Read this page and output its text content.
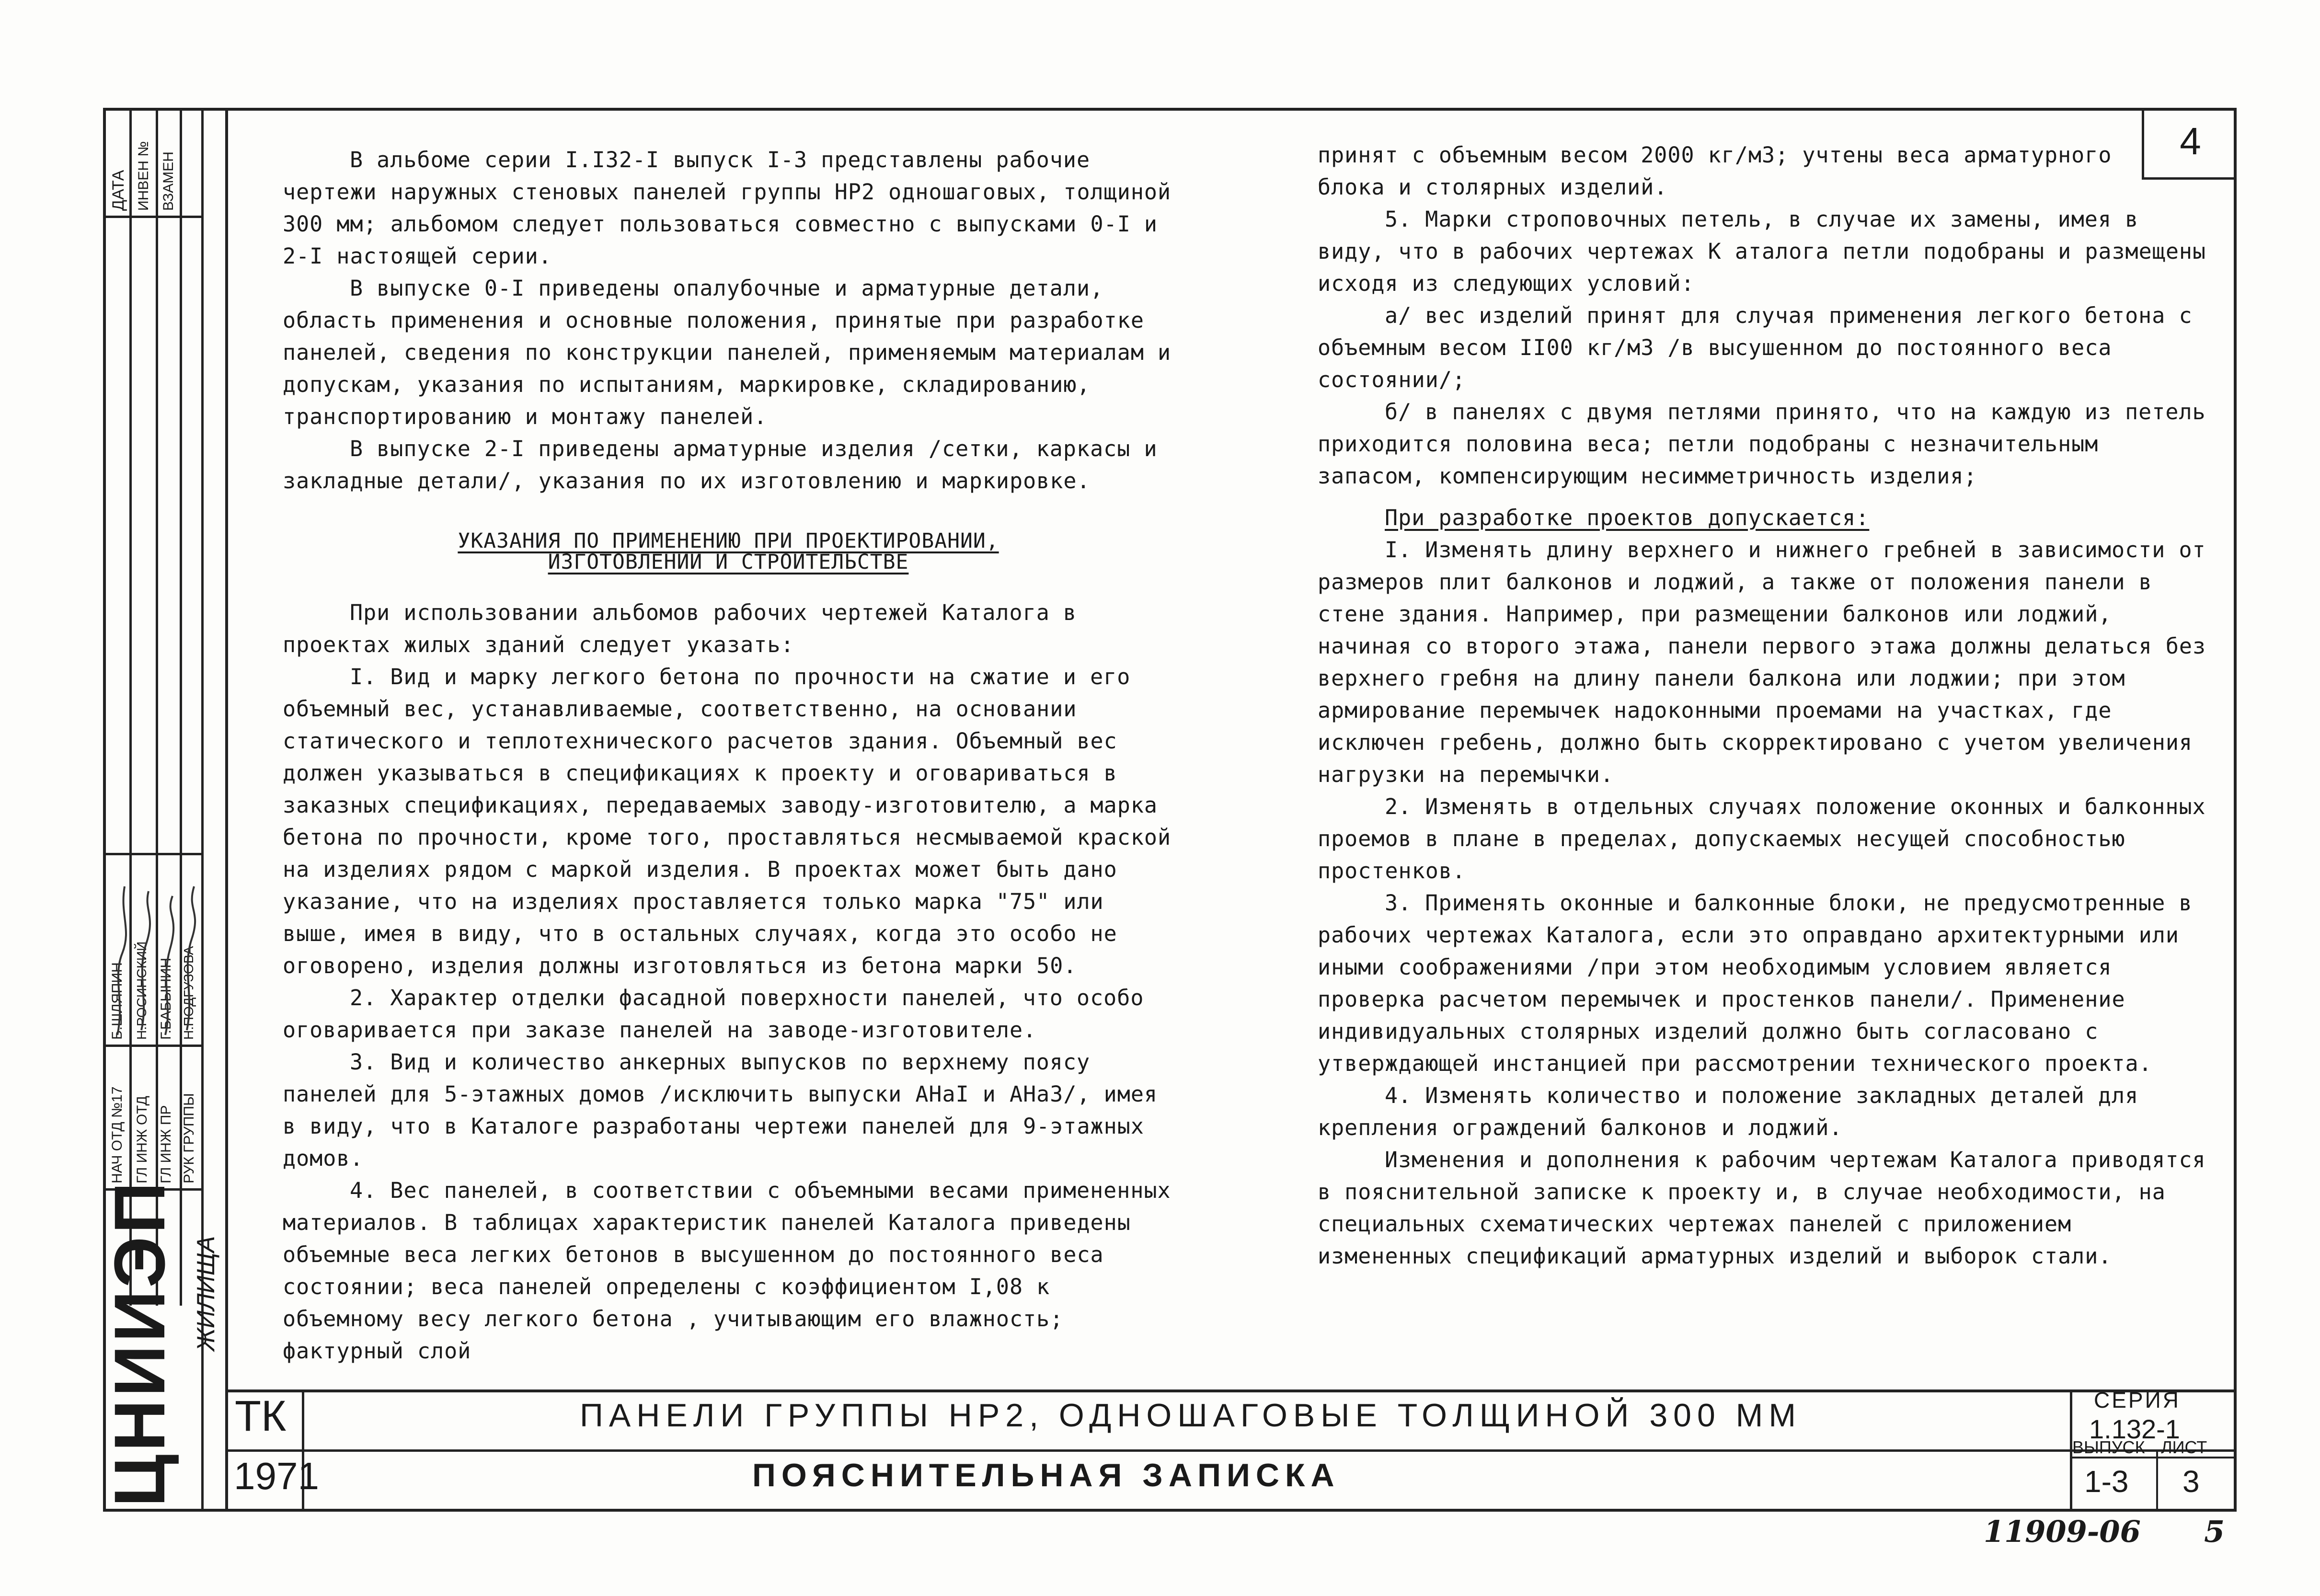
ДАТА ИНВЕН № ВЗАМЕН
НАЧ ОТД №17 ГЛ ИНЖ ОТД ГЛ ИНЖ ПР РУК ГРУППЫ
Б.ШЛЯПИН Н.РОСИНСКИЙ Г.БАБЫНИН Н.ПОДГУЗОВА
ЦНИИЭП ЖИЛИЩА
4

В альбоме серии I.I32-I выпуск I-3 представлены рабочие чертежи наружных стеновых панелей группы НР2 одношаговых, толщиной 300 мм; альбомом следует пользоваться совместно с выпусками 0-I и 2-I настоящей серии.

В выпуске 0-I приведены опалубочные и арматурные детали, область применения и основные положения, принятые при разработке панелей, сведения по конструкции панелей, применяемым материалам и допускам, указания по испытаниям, маркировке, складированию, транспортированию и монтажу панелей.

В выпуске 2-I приведены арматурные изделия /сетки, каркасы и закладные детали/, указания по их изготовлению и маркировке.

УКАЗАНИЯ ПО ПРИМЕНЕНИЮ ПРИ ПРОЕКТИРОВАНИИ,
ИЗГОТОВЛЕНИИ И СТРОИТЕЛЬСТВЕ

При использовании альбомов рабочих чертежей Каталога в проектах жилых зданий следует указать:

I. Вид и марку легкого бетона по прочности на сжатие и его объемный вес, устанавливаемые, соответственно, на основании статического и теплотехнического расчетов здания. Объемный вес должен указываться в спецификациях к проекту и оговариваться в заказных спецификациях, передаваемых заводу-изготовителю, а марка бетона по прочности, кроме того, проставляться несмываемой краской на изделиях рядом с маркой изделия. В проектах может быть дано указание, что на изделиях проставляется только марка "75" или выше, имея в виду, что в остальных случаях, когда это особо не оговорено, изделия должны изготовляться из бетона марки 50.

2. Характер отделки фасадной поверхности панелей, что особо оговаривается при заказе панелей на заводе-изготовителе.

3. Вид и количество анкерных выпусков по верхнему поясу панелей для 5-этажных домов /исключить выпуски АНаI и АНа3/, имея в виду, что в Каталоге разработаны чертежи панелей для 9-этажных домов.

4. Вес панелей, в соответствии с объемными весами примененных материалов. В таблицах характеристик панелей Каталога приведены объемные веса легких бетонов в высушенном до постоянного веса состоянии; веса панелей определены с коэффициентом I,08 к объемному весу легкого бетона , учитывающим его влажность; фактурный слой

принят с объемным весом 2000 кг/м3; учтены веса арматурного блока и столярных изделий.

5. Марки строповочных петель, в случае их замены, имея в виду, что в рабочих чертежах К аталога петли подобраны и размещены исходя из следующих условий:

а/ вес изделий принят для случая применения легкого бетона с объемным весом II00 кг/м3 /в высушенном до постоянного веса состоянии/;

б/ в панелях с двумя петлями принято, что на каждую из петель приходится половина веса; петли подобраны с незначительным запасом, компенсирующим несимметричность изделия;

При разработке проектов допускается:

I. Изменять длину верхнего и нижнего гребней в зависимости от размеров плит балконов и лоджий, а также от положения панели в стене здания. Например, при размещении балконов или лоджий, начиная со второго этажа, панели первого этажа должны делаться без верхнего гребня на длину панели балкона или лоджии; при этом армирование перемычек надоконными проемами на участках, где исключен гребень, должно быть скорректировано с учетом увеличения нагрузки на перемычки.

2. Изменять в отдельных случаях положение оконных и балконных проемов в плане в пределах, допускаемых несущей способностью простенков.

3. Применять оконные и балконные блоки, не предусмотренные в рабочих чертежах Каталога, если это оправдано архитектурными или иными соображениями /при этом необходимым условием является проверка расчетом перемычек и простенков панели/. Применение индивидуальных столярных изделий должно быть согласовано с утверждающей инстанцией при рассмотрении технического проекта.

4. Изменять количество и положение закладных деталей для крепления ограждений балконов и лоджий.

Изменения и дополнения к рабочим чертежам Каталога приводятся в пояснительной записке к проекту и, в случае необходимости, на специальных схематических чертежах панелей с приложением измененных спецификаций арматурных изделий и выборок стали.

ТК
1971
ПАНЕЛИ ГРУППЫ НР2, ОДНОШАГОВЫЕ ТОЛЩИНОЙ 300 ММ
ПОЯСНИТЕЛЬНАЯ ЗАПИСКА
СЕРИЯ
1.132-1
ВЫПУСК
1-3
ЛИСТ
3
11909-06 5
